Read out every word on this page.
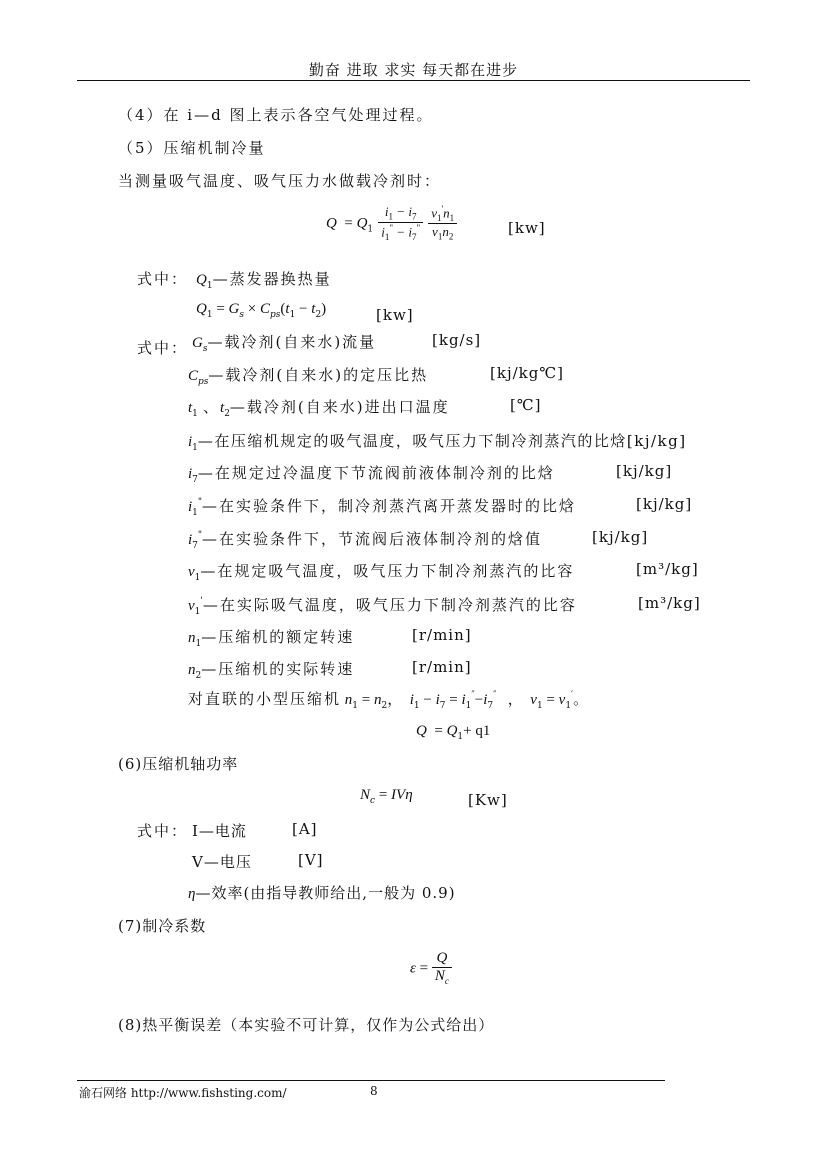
勤奋 进取 求实 每天都在进步
（4）在 i—d 图上表示各空气处理过程。
（5）压缩机制冷量
当测量吸气温度、吸气压力水做载冷剂时：
$Q = Q_1 \frac{i_1 - i_7}{i_1^" - i_7^"}$
$\frac{v_1'n_1}{v_1n_2}$	[kw]
式中： $Q_1—$蒸发器换热量
$Q_1 = G_s \times C_{ps}(t_1 - t_2)$	[kw]
式中： $G_s—$载冷剂(自来水)流量	[kg/s]
$C_{ps}—$载冷剂(自来水)的定压比热	[kj/kg℃]
$t_1$ 、$t_2—$载冷剂(自来水)进出口温度	[℃]
$i_1—$在压缩机规定的吸气温度，吸气压力下制冷剂蒸汽的比焓[kj/kg]
$i_7—$在规定过冷温度下节流阀前液体制冷剂的比焓	[kj/kg]
$i_1^"—$在实验条件下，制冷剂蒸汽离开蒸发器时的比焓	[kj/kg]
$i_7^"—$在实验条件下，节流阀后液体制冷剂的焓值	[kj/kg]
$v_1—$在规定吸气温度，吸气压力下制冷剂蒸汽的比容	[m³/kg]
$v_1'—$在实际吸气温度，吸气压力下制冷剂蒸汽的比容	[m³/kg]
$n_1—$压缩机的额定转速	[r/min]
$n_2—$压缩机的实际转速	[r/min]
对直联的小型压缩机 $n_1 = n_2$，  $i_1 - i_7 = i_1''-i_7''$   ，  $v_1 = v_1'$。
$Q = Q_1+ q1$
(6)压缩机轴功率
$N_c = IV\eta$	[Kw]
式中： I—电流	[A]
V—电压	[V]
η—效率(由指导教师给出,一般为 0.9)
(7)制冷系数
$\varepsilon = \frac{Q}{N_c}$
(8)热平衡误差（本实验不可计算，仅作为公式给出）
渝石网络 http://www.fishsting.com/	8
